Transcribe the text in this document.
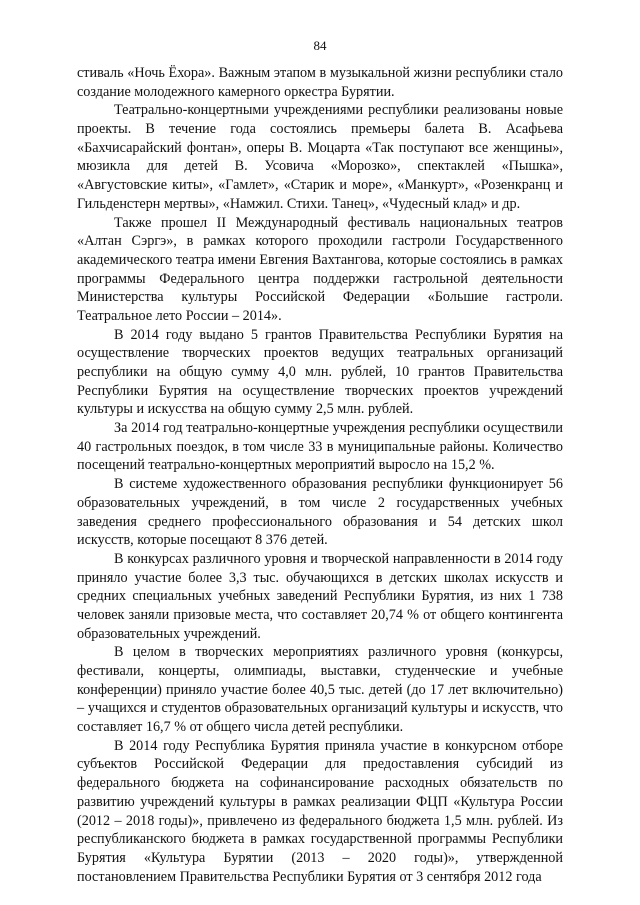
84

стиваль «Ночь Ёхора». Важным этапом в музыкальной жизни республики стало создание молодежного камерного оркестра Бурятии.

Театрально-концертными учреждениями республики реализованы новые проекты. В течение года состоялись премьеры балета В. Асафьева «Бахчисарайский фонтан», оперы В. Моцарта «Так поступают все женщины», мюзикла для детей В. Усовича «Морозко», спектаклей «Пышка», «Августовские киты», «Гамлет», «Старик и море», «Манкурт», «Розенкранц и Гильденстерн мертвы», «Намжил. Стихи. Танец», «Чудесный клад» и др.

Также прошел II Международный фестиваль национальных театров «Алтан Сэргэ», в рамках которого проходили гастроли Государственного академического театра имени Евгения Вахтангова, которые состоялись в рамках программы Федерального центра поддержки гастрольной деятельности Министерства культуры Российской Федерации «Большие гастроли. Театральное лето России – 2014».

В 2014 году выдано 5 грантов Правительства Республики Бурятия на осуществление творческих проектов ведущих театральных организаций республики на общую сумму 4,0 млн. рублей, 10 грантов Правительства Республики Бурятия на осуществление творческих проектов учреждений культуры и искусства на общую сумму 2,5 млн. рублей.

За 2014 год театрально-концертные учреждения республики осуществили 40 гастрольных поездок, в том числе 33 в муниципальные районы. Количество посещений театрально-концертных мероприятий выросло на 15,2 %.

В системе художественного образования республики функционирует 56 образовательных учреждений, в том числе 2 государственных учебных заведения среднего профессионального образования и 54 детских школ искусств, которые посещают 8 376 детей.

В конкурсах различного уровня и творческой направленности в 2014 году приняло участие более 3,3 тыс. обучающихся в детских школах искусств и средних специальных учебных заведений Республики Бурятия, из них 1 738 человек заняли призовые места, что составляет 20,74 % от общего контингента образовательных учреждений.

В целом в творческих мероприятиях различного уровня (конкурсы, фестивали, концерты, олимпиады, выставки, студенческие и учебные конференции) приняло участие более 40,5 тыс. детей (до 17 лет включительно) – учащихся и студентов образовательных организаций культуры и искусств, что составляет 16,7 % от общего числа детей республики.

В 2014 году Республика Бурятия приняла участие в конкурсном отборе субъектов Российской Федерации для предоставления субсидий из федерального бюджета на софинансирование расходных обязательств по развитию учреждений культуры в рамках реализации ФЦП «Культура России (2012 – 2018 годы)», привлечено из федерального бюджета 1,5 млн. рублей. Из республиканского бюджета в рамках государственной программы Республики Бурятия «Культура Бурятии (2013 – 2020 годы)», утвержденной постановлением Правительства Республики Бурятия от 3 сентября 2012 года
